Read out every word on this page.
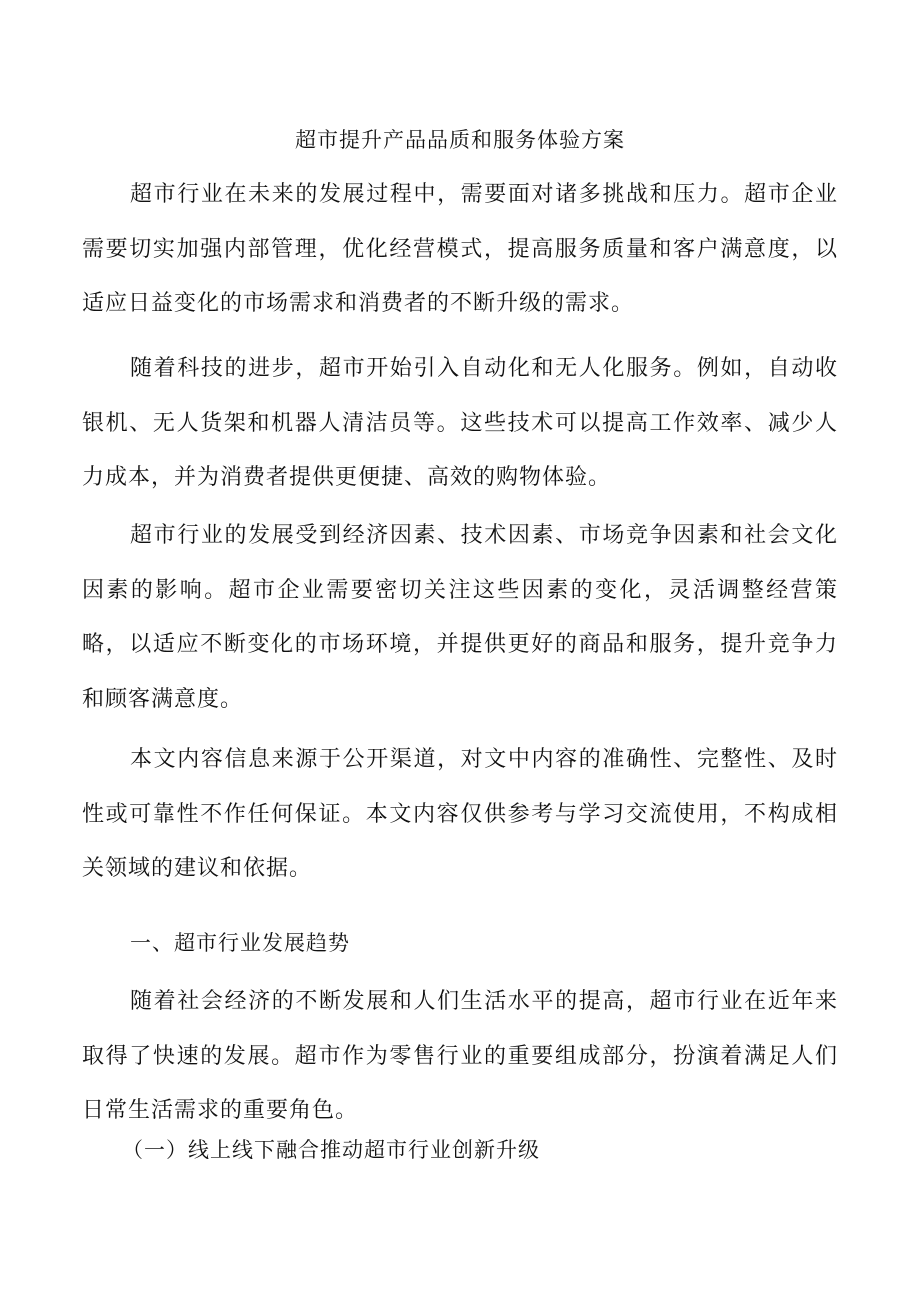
超市提升产品品质和服务体验方案

超市行业在未来的发展过程中，需要面对诸多挑战和压力。超市企业需要切实加强内部管理，优化经营模式，提高服务质量和客户满意度，以适应日益变化的市场需求和消费者的不断升级的需求。

随着科技的进步，超市开始引入自动化和无人化服务。例如，自动收银机、无人货架和机器人清洁员等。这些技术可以提高工作效率、减少人力成本，并为消费者提供更便捷、高效的购物体验。

超市行业的发展受到经济因素、技术因素、市场竞争因素和社会文化因素的影响。超市企业需要密切关注这些因素的变化，灵活调整经营策略，以适应不断变化的市场环境，并提供更好的商品和服务，提升竞争力和顾客满意度。

本文内容信息来源于公开渠道，对文中内容的准确性、完整性、及时性或可靠性不作任何保证。本文内容仅供参考与学习交流使用，不构成相关领域的建议和依据。

一、超市行业发展趋势

随着社会经济的不断发展和人们生活水平的提高，超市行业在近年来取得了快速的发展。超市作为零售行业的重要组成部分，扮演着满足人们日常生活需求的重要角色。

（一）线上线下融合推动超市行业创新升级
